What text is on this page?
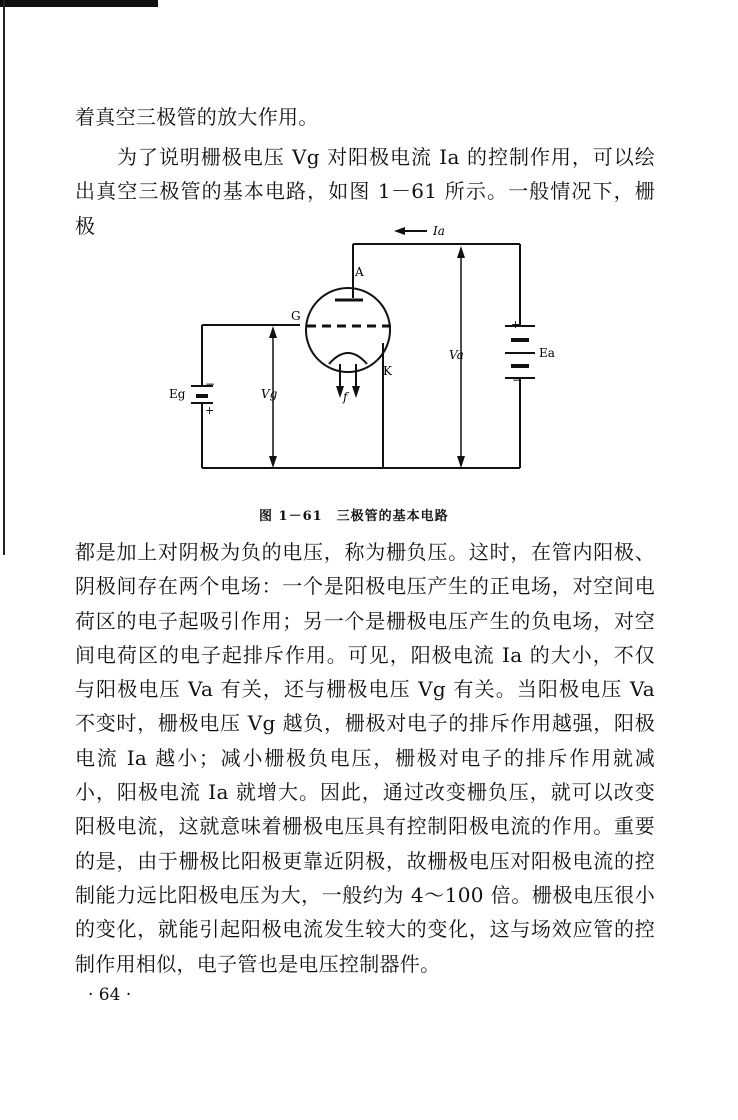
着真空三极管的放大作用。

为了说明栅极电压 Vg 对阳极电流 Ia 的控制作用，可以绘出真空三极管的基本电路，如图 1－61 所示。一般情况下，栅极

A
G
K
f
Ia
Va
Vg
Ea
Eg
+
−
−
+
图 1－61　三极管的基本电路

都是加上对阴极为负的电压，称为栅负压。这时，在管内阳极、阴极间存在两个电场：一个是阳极电压产生的正电场，对空间电荷区的电子起吸引作用；另一个是栅极电压产生的负电场，对空间电荷区的电子起排斥作用。可见，阳极电流 Ia 的大小，不仅与阳极电压 Va 有关，还与栅极电压 Vg 有关。当阳极电压 Va 不变时，栅极电压 Vg 越负，栅极对电子的排斥作用越强，阳极电流 Ia 越小；减小栅极负电压，栅极对电子的排斥作用就减小，阳极电流 Ia 就增大。因此，通过改变栅负压，就可以改变阳极电流，这就意味着栅极电压具有控制阳极电流的作用。重要的是，由于栅极比阳极更靠近阴极，故栅极电压对阳极电流的控制能力远比阳极电压为大，一般约为 4～100 倍。栅极电压很小的变化，就能引起阳极电流发生较大的变化，这与场效应管的控制作用相似，电子管也是电压控制器件。

· 64 ·
